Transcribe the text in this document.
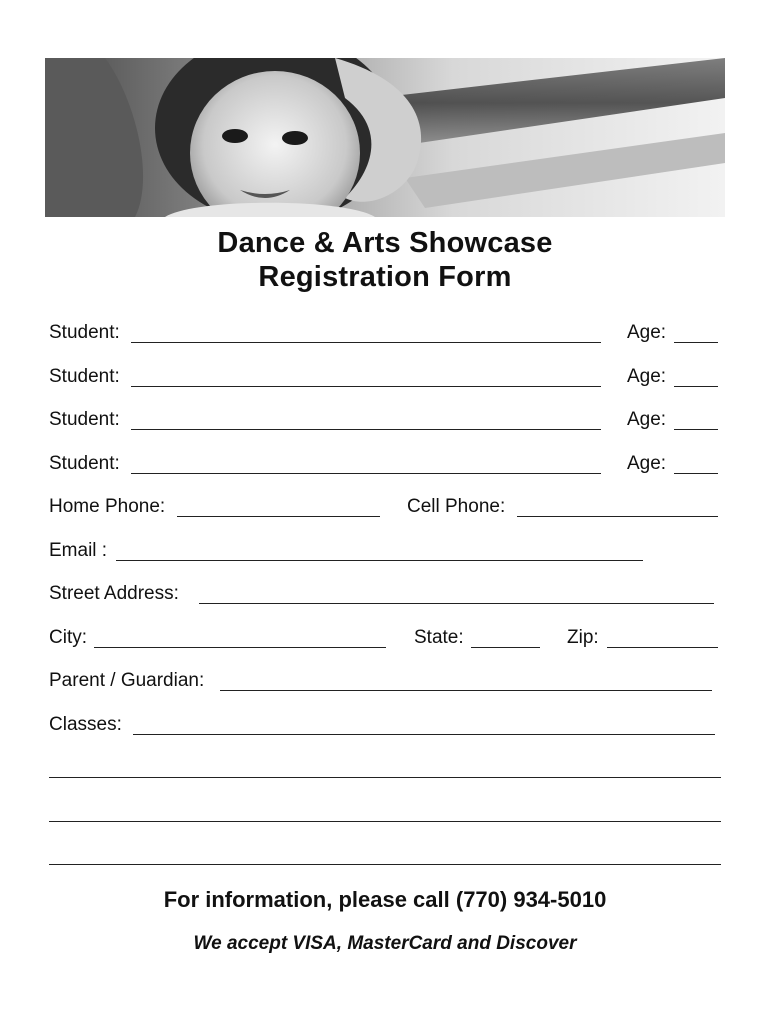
Dance & Arts Showcase
Registration Form
Student:	Age:
Student:	Age:
Student:	Age:
Student:	Age:
Home Phone:	Cell Phone:
Email :
Street Address:
City:	State:	Zip:
Parent / Guardian:
Classes:
For information, please call (770) 934-5010
We accept VISA, MasterCard and Discover
